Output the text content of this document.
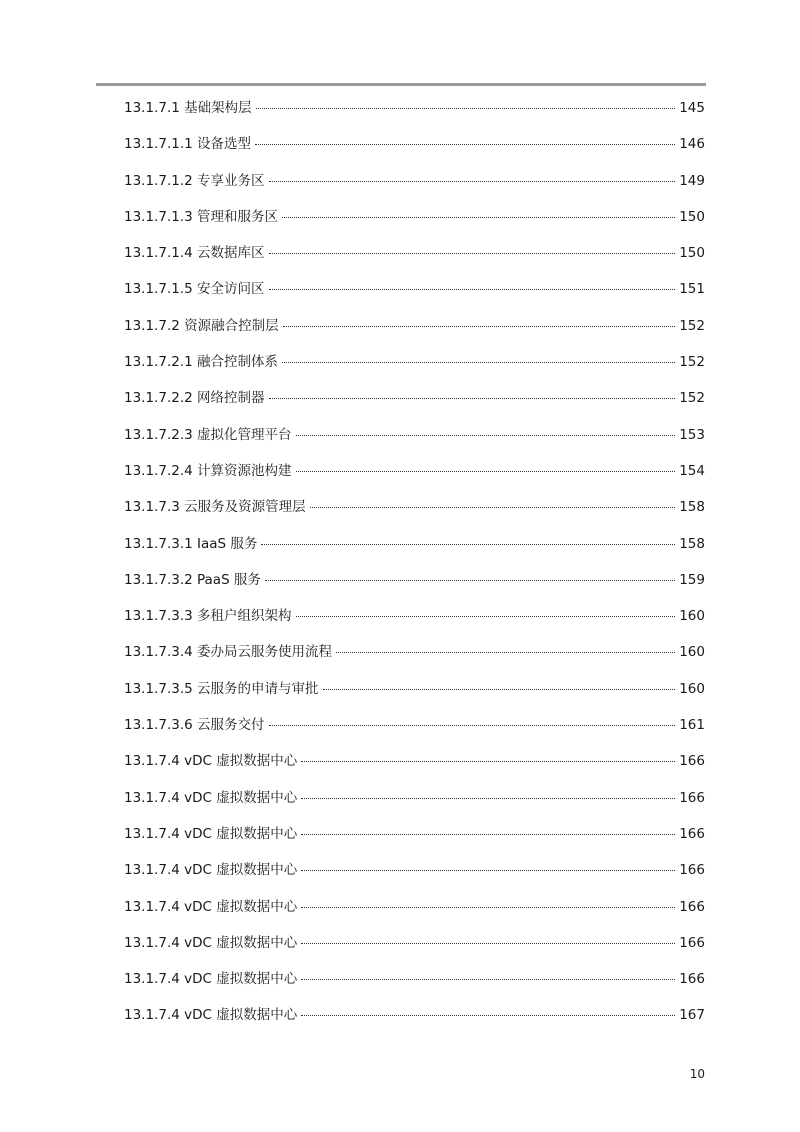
13.1.7.1 基础架构层	145
13.1.7.1.1 设备选型	146
13.1.7.1.2 专享业务区	149
13.1.7.1.3 管理和服务区	150
13.1.7.1.4 云数据库区	150
13.1.7.1.5 安全访问区	151
13.1.7.2 资源融合控制层	152
13.1.7.2.1 融合控制体系	152
13.1.7.2.2 网络控制器	152
13.1.7.2.3 虚拟化管理平台	153
13.1.7.2.4 计算资源池构建	154
13.1.7.3 云服务及资源管理层	158
13.1.7.3.1 IaaS 服务	158
13.1.7.3.2 PaaS 服务	159
13.1.7.3.3 多租户组织架构	160
13.1.7.3.4 委办局云服务使用流程	160
13.1.7.3.5 云服务的申请与审批	160
13.1.7.3.6 云服务交付	161
13.1.7.4 vDC 虚拟数据中心	166
13.1.7.4 vDC 虚拟数据中心	166
13.1.7.4 vDC 虚拟数据中心	166
13.1.7.4 vDC 虚拟数据中心	166
13.1.7.4 vDC 虚拟数据中心	166
13.1.7.4 vDC 虚拟数据中心	166
13.1.7.4 vDC 虚拟数据中心	166
13.1.7.4 vDC 虚拟数据中心	167
10
